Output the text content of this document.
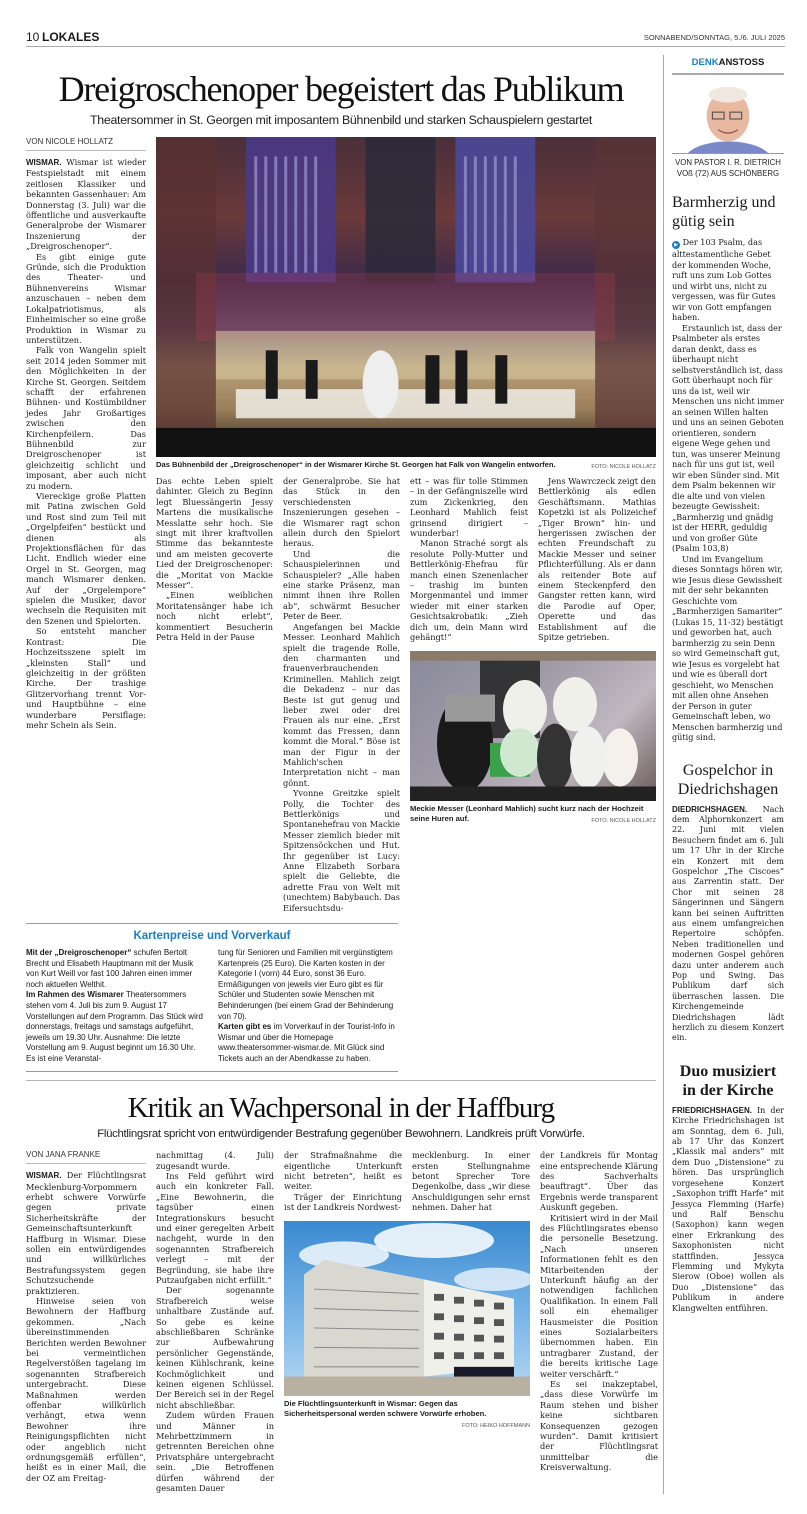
10 LOKALES	SONNABEND/SONNTAG, 5./6. JULI 2025
Dreigroschenoper begeistert das Publikum
Theatersommer in St. Georgen mit imposantem Bühnenbild und starken Schauspielern gestartet
VON NICOLE HOLLATZ

WISMAR. Wismar ist wieder Festspielstadt mit einem zeitlosen Klassiker und bekannten Gassenhauer: Am Donnerstag (3. Juli) war die öffentliche und ausverkaufte Generalprobe der Wismarer Inszenierung der „Dreigroschenoper“.

Es gibt einige gute Gründe, sich die Produktion des Theater- und Bühnenvereins Wismar anzuschauen – neben dem Lokalpatriotismus, als Einheimischer so eine große Produktion in Wismar zu unterstützen.

Falk von Wangelin spielt seit 2014 jeden Sommer mit den Möglichkeiten in der Kirche St. Georgen. Seitdem schafft der erfahrenen Bühnen- und Kostümbildner jedes Jahr Großartiges zwischen den Kirchenpfeilern. Das Bühnenbild zur Dreigroschenoper ist gleichzeitig schlicht und imposant, aber auch nicht zu modern.

Viereckige große Platten mit Patina zwischen Gold und Rost sind zum Teil mit „Orgelpfeifen“ bestückt und dienen als Projektionsflächen für das Licht. Endlich wieder eine Orgel in St. Georgen, mag manch Wismarer denken. Auf der „Orgelempore“ spielen die Musiker, davor wechseln die Requisiten mit den Szenen und Spielorten.

So entsteht mancher Kontrast: Die Hochzeitsszene spielt im „kleinsten Stall“ und gleichzeitig in der größten Kirche. Der trashige Glitzervorhang trennt Vor- und Hauptbühne – eine wunderbare Persiflage: mehr Schein als Sein.

FOTO: NICOLE HOLLATZ
Das Bühnenbild der „Dreigroschenoper“ in der Wismarer Kirche St. Georgen hat Falk von Wangelin entworfen.

Das echte Leben spielt dahinter. Gleich zu Beginn legt Bluessängerin Jessy Martens die musikalische Messlatte sehr hoch. Sie singt mit ihrer kraftvollen Stimme das bekannteste und am meisten gecoverte Lied der Dreigroschenoper: die „Moritat von Mackie Messer“.

„Einen weiblichen Moritatensänger habe ich noch nicht erlebt“, kommentiert Besucherin Petra Held in der Pause

der Generalprobe. Sie hat das Stück in den verschiedensten Inszenierungen gesehen – die Wismarer ragt schon allein durch den Spielort heraus.

Und die Schauspielerinnen und Schauspieler? „Alle haben eine starke Präsenz, man nimmt ihnen ihre Rollen ab“, schwärmt Besucher Peter de Beer.

Angefangen bei Mackie Messer. Leonhard Mahlich spielt die tragende Rolle, den charmanten und frauenverbrauchenden Kriminellen. Mahlich zeigt die Dekadenz – nur das Beste ist gut genug und lieber zwei oder drei Frauen als nur eine. „Erst kommt das Fressen, dann kommt die Moral.“ Böse ist man der Figur in der Mahlich'schen Interpretation nicht – man gönnt.

Yvonne Greitzke spielt Polly, die Tochter des Bettlerkönigs und Spontanehefrau von Mackie Messer ziemlich bieder mit Spitzensöckchen und Hut. Ihr gegenüber ist Lucy: Anne Elizabeth Sorbara spielt die Geliebte, die adrette Frau von Welt mit (unechtem) Babybauch. Das Eifersuchtsdu-

ett – was für tolle Stimmen – in der Gefängniszelle wird zum Zickenkrieg, den Leonhard Mahlich feist grinsend dirigiert – wunderbar!

Manon Straché sorgt als resolute Polly-Mutter und Bettlerkönig-Ehefrau für manch einen Szenenlacher – trashig im bunten Morgenmantel und immer wieder mit einer starken Gesichtsakrobatik: „Zieh dich um, dein Mann wird gehängt!“

Jens Wawrczeck zeigt den Bettlerkönig als edlen Geschäftsmann. Mathias Kopetzki ist als Polizeichef „Tiger Brown“ hin- und hergerissen zwischen der echten Freundschaft zu Mackie Messer und seiner Pflichterfüllung. Als er dann als reitender Bote auf einem Steckenpferd den Gangster retten kann, wird die Parodie auf Oper, Operette und das Establishment auf die Spitze getrieben.

Meckie Messer (Leonhard Mahlich) sucht kurz nach der Hochzeit seine Huren auf.	FOTO: NICOLE HOLLATZ
Kartenpreise und Vorverkauf

Mit der „Dreigroschenoper“ schufen Bertolt Brecht und Elisabeth Hauptmann mit der Musik von Kurt Weill vor fast 100 Jahren einen immer noch aktuellen Welthit.

Im Rahmen des Wismarer Theatersommers stehen vom 4. Juli bis zum 9. August 17 Vorstellungen auf dem Programm. Das Stück wird donnerstags, freitags und samstags aufgeführt, jeweils um 19.30 Uhr. Ausnahme: Die letzte Vorstellung am 9. August beginnt um 16.30 Uhr. Es ist eine Veranstal-

tung für Senioren und Familien mit vergünstigtem Kartenpreis (25 Euro). Die Karten kosten in der Kategorie I (vorn) 44 Euro, sonst 36 Euro. Ermäßigungen von jeweils vier Euro gibt es für Schüler und Studenten sowie Menschen mit Behinderungen (bei einem Grad der Behinderung von 70).

Karten gibt es im Vorverkauf in der Tourist-Info in Wismar und über die Homepage www.theatersommer-wismar.de. Mit Glück sind Tickets auch an der Abendkasse zu haben.

Kritik an Wachpersonal in der Haffburg
Flüchtlingsrat spricht von entwürdigender Bestrafung gegenüber Bewohnern. Landkreis prüft Vorwürfe.
VON JANA FRANKE

WISMAR. Der Flüchtlingsrat Mecklenburg-Vorpommern erhebt schwere Vorwürfe gegen private Sicherheitskräfte der Gemeinschaftsunterkunft Haffburg in Wismar. Diese sollen ein entwürdigendes und willkürliches Bestrafungssystem gegen Schutzsuchende praktizieren.

Hinweise seien von Bewohnern der Haffburg gekommen. „Nach übereinstimmenden Berichten werden Bewohner bei vermeintlichen Regelverstößen tagelang im sogenannten Strafbereich untergebracht. Diese Maßnahmen werden offenbar willkürlich verhängt, etwa wenn Bewohner ihre Reinigungspflichten nicht oder angeblich nicht ordnungsgemäß erfüllen“, heißt es in einer Mail, die der OZ am Freitag-

nachmittag (4. Juli) zugesandt wurde.

Ins Feld geführt wird auch ein konkreter Fall. „Eine Bewohnerin, die tagsüber einen Integrationskurs besucht und einer geregelten Arbeit nachgeht, wurde in den sogenannten Strafbereich verlegt – mit der Begründung, sie habe ihre Putzaufgaben nicht erfüllt.“

Der sogenannte Strafbereich weise unhaltbare Zustände auf. So gebe es keine abschließbaren Schränke zur Aufbewahrung persönlicher Gegenstände, keinen Kühlschrank, keine Kochmöglichkeit und keinen eigenen Schlüssel. Der Bereich sei in der Regel nicht abschließbar.

Zudem würden Frauen und Männer in Mehrbettzimmern in getrennten Bereichen ohne Privatsphäre untergebracht sein. „Die Betroffenen dürfen während der gesamten Dauer

der Strafmaßnahme die eigentliche Unterkunft nicht betreten“, heißt es weiter.

Träger der Einrichtung ist der Landkreis Nordwest-

mecklenburg. In einer ersten Stellungnahme betont Sprecher Tore Degenkolbe, dass „wir diese Anschuldigungen sehr ernst nehmen. Daher hat

Die Flüchtlingsunterkunft in Wismar: Gegen das Sicherheitspersonal werden schwere Vorwürfe erhoben.
FOTO: HEIKO HOFFMANN

der Landkreis für Montag eine entsprechende Klärung des Sachverhalts beauftragt“. Über das Ergebnis werde transparent Auskunft gegeben.

Kritisiert wird in der Mail des Flüchtlingsrates ebenso die personelle Besetzung. „Nach unseren Informationen fehlt es den Mitarbeitenden der Unterkunft häufig an der notwendigen fachlichen Qualifikation. In einem Fall soll ein ehemaliger Hausmeister die Position eines Sozialarbeiters übernommen haben. Ein untragbarer Zustand, der die bereits kritische Lage weiter verschärft.“

Es sei inakzeptabel, „dass diese Vorwürfe im Raum stehen und bisher keine sichtbaren Konsequenzen gezogen wurden“. Damit kritisiert der Flüchtlingsrat unmittelbar die Kreisverwaltung.

DENKANSTOSS
VON PASTOR I. R. DIETRICH VOß (72) AUS SCHÖNBERG
Barmherzig und gütig sein

▶ Der 103 Psalm, das alttestamentliche Gebet der kommenden Woche, ruft uns zum Lob Gottes und wirbt uns, nicht zu vergessen, was für Gutes wir von Gott empfangen haben.

Erstaunlich ist, dass der Psalmbeter als erstes daran denkt, dass es überhaupt nicht selbstverständlich ist, dass Gott überhaupt noch für uns da ist, weil wir Menschen uns nicht immer an seinen Willen halten und uns an seinen Geboten orientieren, sondern eigene Wege gehen und tun, was unserer Meinung nach für uns gut ist, weil wir eben Sünder sind. Mit dem Psalm bekennen wir die alte und von vielen bezeugte Gewissheit: „Barmherzig und gnädig ist der HERR, geduldig und von großer Güte (Psalm 103,8)

Und im Evangelium dieses Sonntags hören wir, wie Jesus diese Gewissheit mit der sehr bekannten Geschichte vom „Barmherzigen Samariter“ (Lukas 15, 11-32) bestätigt und geworben hat, auch barmherzig zu sein Denn so wird Gemeinschaft gut, wie Jesus es vorgelebt hat und wie es überall dort geschieht, wo Menschen mit allen ohne Ansehen der Person in guter Gemeinschaft leben, wo Menschen barmherzig und gütig sind.

Gospelchor in Diedrichshagen

DIEDRICHSHAGEN. Nach dem Alphornkonzert am 22. Juni mit vielen Besuchern findet am 6. Juli um 17 Uhr in der Kirche ein Konzert mit dem Gospelchor „The Ciscoes“ aus Zarrentin statt. Der Chor mit seinen 28 Sängerinnen und Sängern kann bei seinen Auftritten aus einem umfangreichen Repertoire schöpfen. Neben traditionellen und modernen Gospel gehören dazu unter anderem auch Pop und Swing. Das Publikum darf sich überraschen lassen. Die Kirchengemeinde Diedrichshagen lädt herzlich zu diesem Konzert ein.

Duo musiziert in der Kirche

FRIEDRICHSHAGEN. In der Kirche Friedrichshagen ist am Sonntag, dem 6. Juli, ab 17 Uhr das Konzert „Klassik mal anders“ mit dem Duo „Distensione“ zu hören. Das ursprünglich vorgesehene Konzert „Saxophon trifft Harfe“ mit Jessyca Flemming (Harfe) und Ralf Benschu (Saxophon) kann wegen einer Erkrankung des Saxophonisten nicht stattfinden. Jessyca Flemming und Mykyta Sierow (Oboe) wollen als Duo „Distensione“ das Publikum in andere Klangwelten entführen.
